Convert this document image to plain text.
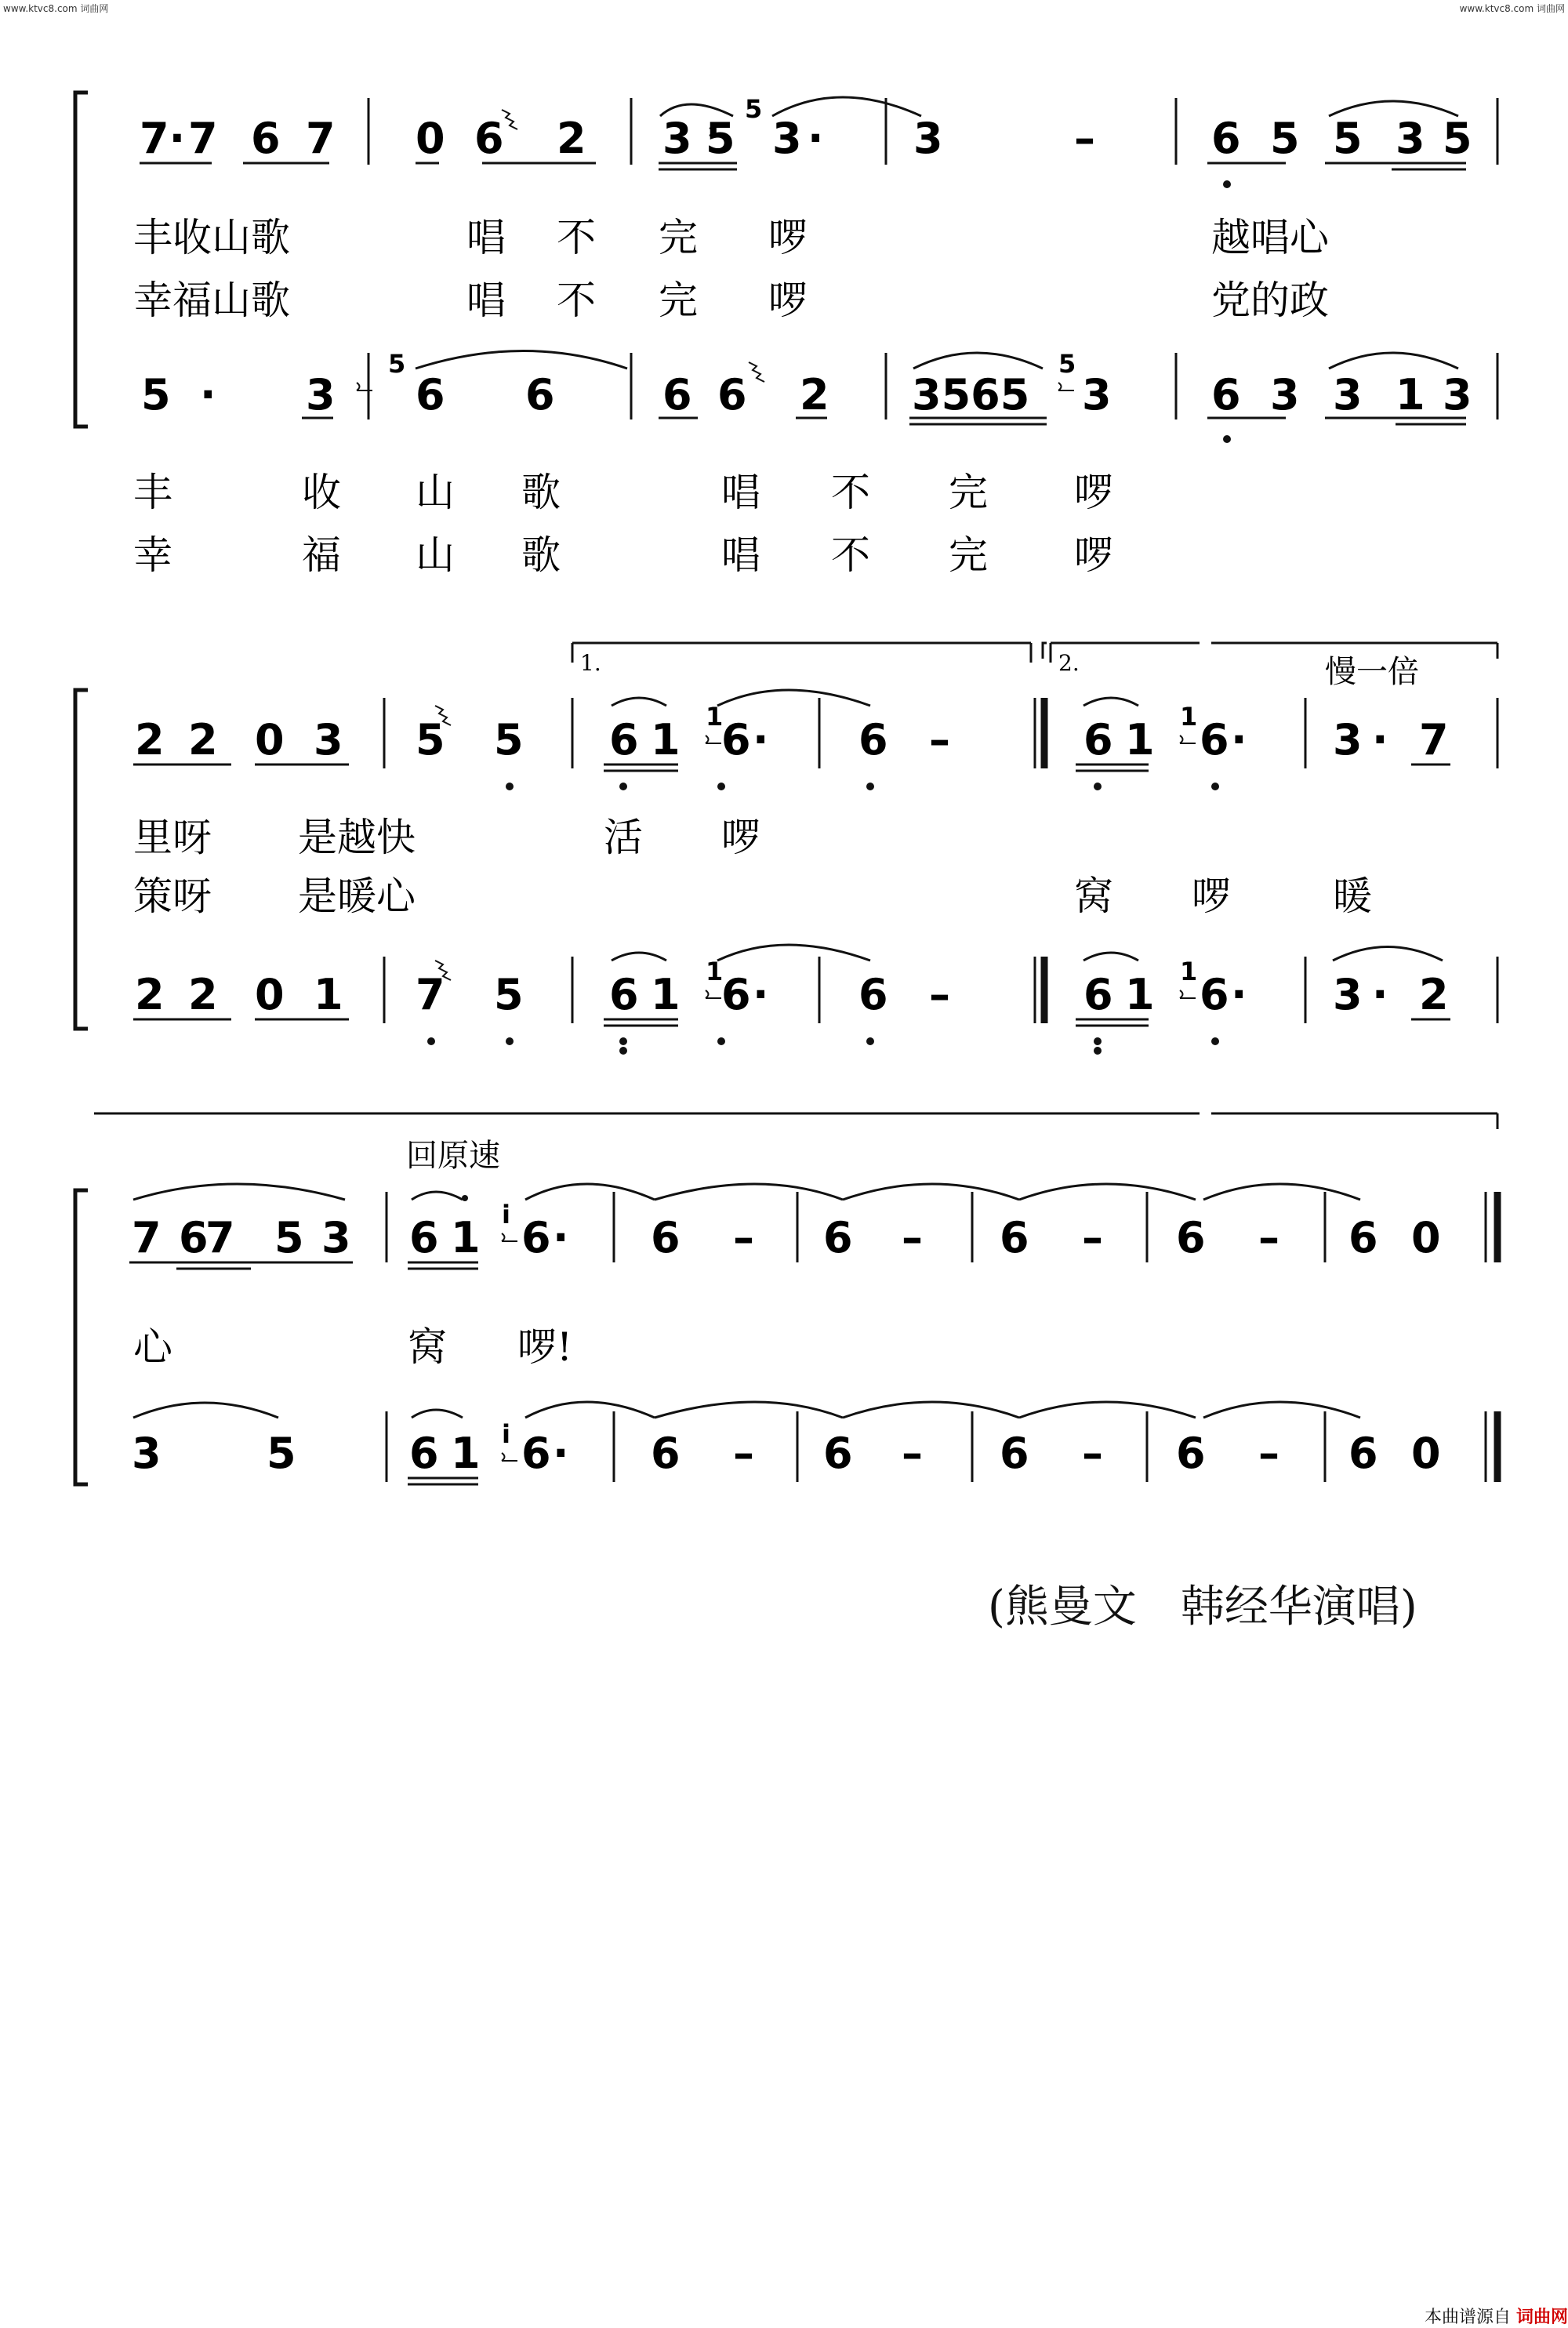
www.ktvc8.com 词曲网	www.ktvc8.com 词曲网
1.	2.	慢一倍
回原速
5
5	5
1	1
1	1
i
i
7· 7 6 7 0 6 2 3 5 3 · 3	–	6 5 5 3 5
丰收山歌	唱 不 完 啰	越唱心
幸福山歌	唱 不 完 啰	党的政
5 · 3 6 6	6 6 2 3565 3 6 3 3 1 3
丰	收 山 歌	唱 不 完 啰
幸	福 山 歌	唱 不 完 啰
2 2 0 3 5 5 6 1 6 · 6 –	6 1 6 · 3 · 7
里呀 是越快	活 啰
策呀 是暖心	窝 啰	暖
2 2 0 1 7 5 6 1 6 · 6 –	6 1 6 · 3 · 2
7 6
7 5 3 6 1 6 · 6 – 6 – 6 – 6 – 6 0
心	窝 啰!
3 5	6 1 6 · 6 – 6 – 6 – 6 – 6 0
(熊曼文　韩经华演唱)
本曲谱源自 词曲网
